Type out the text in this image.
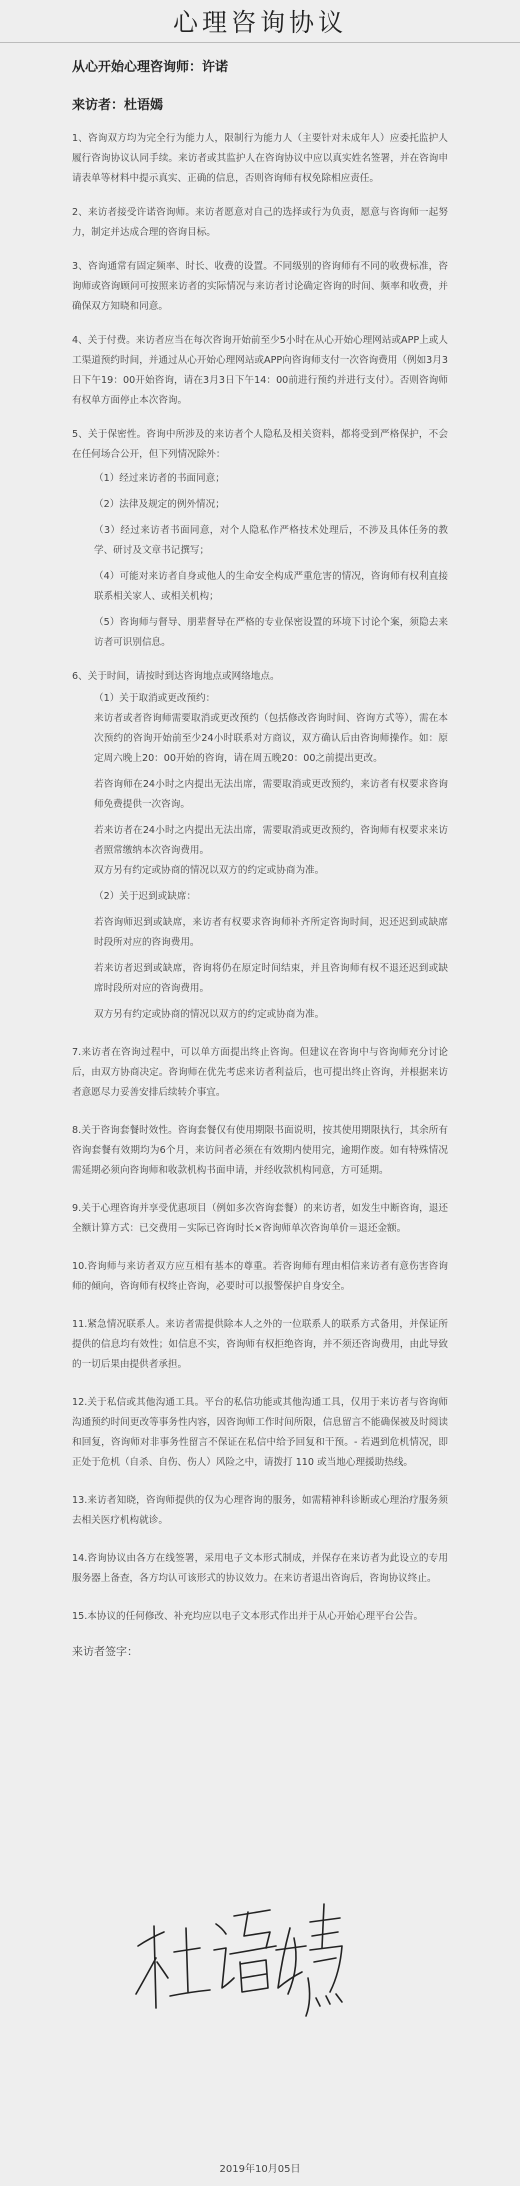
心理咨询协议
从心开始心理咨询师：许诺
来访者：杜语嫣
1、咨询双方均为完全行为能力人，限制行为能力人（主要针对未成年人）应委托监护人履行咨询协议认同手续。来访者或其监护人在咨询协议中应以真实姓名签署，并在咨询申请表单等材料中提示真实、正确的信息，否则咨询师有权免除相应责任。
2、来访者接受许诺咨询师。来访者愿意对自己的选择或行为负责，愿意与咨询师一起努力，制定并达成合理的咨询目标。
3、咨询通常有固定频率、时长、收费的设置。不同级别的咨询师有不同的收费标准，咨询师或咨询顾问可按照来访者的实际情况与来访者讨论确定咨询的时间、频率和收费，并确保双方知晓和同意。
4、关于付费。来访者应当在每次咨询开始前至少5小时在从心开始心理网站或APP上或人工渠道预约时间，并通过从心开始心理网站或APP向咨询师支付一次咨询费用（例如3月3日下午19：00开始咨询，请在3月3日下午14：00前进行预约并进行支付）。否则咨询师有权单方面停止本次咨询。
5、关于保密性。咨询中所涉及的来访者个人隐私及相关资料，都将受到严格保护，不会在任何场合公开，但下列情况除外：
（1）经过来访者的书面同意；
（2）法律及规定的例外情况；
（3）经过来访者书面同意，对个人隐私作严格技术处理后，不涉及具体任务的教学、研讨及文章书记撰写；
（4）可能对来访者自身或他人的生命安全构成严重危害的情况，咨询师有权利直接联系相关家人、或相关机构；
（5）咨询师与督导、朋辈督导在严格的专业保密设置的环境下讨论个案，须隐去来访者可识别信息。
6、关于时间，请按时到达咨询地点或网络地点。
（1）关于取消或更改预约：
来访者或者咨询师需要取消或更改预约（包括修改咨询时间、咨询方式等），需在本次预约的咨询开始前至少24小时联系对方商议，双方确认后由咨询师操作。如：原定周六晚上20：00开始的咨询，请在周五晚20：00之前提出更改。
若咨询师在24小时之内提出无法出席，需要取消或更改预约，来访者有权要求咨询师免费提供一次咨询。
若来访者在24小时之内提出无法出席，需要取消或更改预约，咨询师有权要求来访者照常缴纳本次咨询费用。
双方另有约定或协商的情况以双方的约定或协商为准。
（2）关于迟到或缺席：
若咨询师迟到或缺席，来访者有权要求咨询师补齐所定咨询时间，迟还迟到或缺席时段所对应的咨询费用。
若来访者迟到或缺席，咨询将仍在原定时间结束，并且咨询师有权不退还迟到或缺席时段所对应的咨询费用。
双方另有约定或协商的情况以双方的约定或协商为准。
7.来访者在咨询过程中，可以单方面提出终止咨询。但建议在咨询中与咨询师充分讨论后，由双方协商决定。咨询师在优先考虑来访者利益后，也可提出终止咨询，并根据来访者意愿尽力妥善安排后续转介事宜。
8.关于咨询套餐时效性。咨询套餐仅有使用期限书面说明，按其使用期限执行，其余所有咨询套餐有效期均为6个月，来访问者必须在有效期内使用完，逾期作废。如有特殊情况需延期必须向咨询师和收款机构书面申请，并经收款机构同意，方可延期。
9.关于心理咨询并享受优惠项目（例如多次咨询套餐）的来访者，如发生中断咨询，退还全额计算方式：已交费用－实际已咨询时长×咨询师单次咨询单价＝退还金额。
10.咨询师与来访者双方应互相有基本的尊重。若咨询师有理由相信来访者有意伤害咨询师的倾向，咨询师有权终止咨询，必要时可以报警保护自身安全。
11.紧急情况联系人。来访者需提供除本人之外的一位联系人的联系方式备用，并保证所提供的信息均有效性；如信息不实，咨询师有权拒绝咨询，并不须还咨询费用，由此导致的一切后果由提供者承担。
12.关于私信或其他沟通工具。平台的私信功能或其他沟通工具，仅用于来访者与咨询师沟通预约时间更改等事务性内容，因咨询师工作时间所限，信息留言不能确保被及时阅读和回复，咨询师对非事务性留言不保证在私信中给予回复和干预。- 若遇到危机情况，即正处于危机（自杀、自伤、伤人）风险之中，请拨打 110 或当地心理援助热线。
13.来访者知晓，咨询师提供的仅为心理咨询的服务，如需精神科诊断或心理治疗服务须去相关医疗机构就诊。
14.咨询协议由各方在线签署，采用电子文本形式制成，并保存在来访者为此设立的专用服务器上备查，各方均认可该形式的协议效力。在来访者退出咨询后，咨询协议终止。
15.本协议的任何修改、补充均应以电子文本形式作出并于从心开始心理平台公告。
来访者签字：
2019年10月05日
